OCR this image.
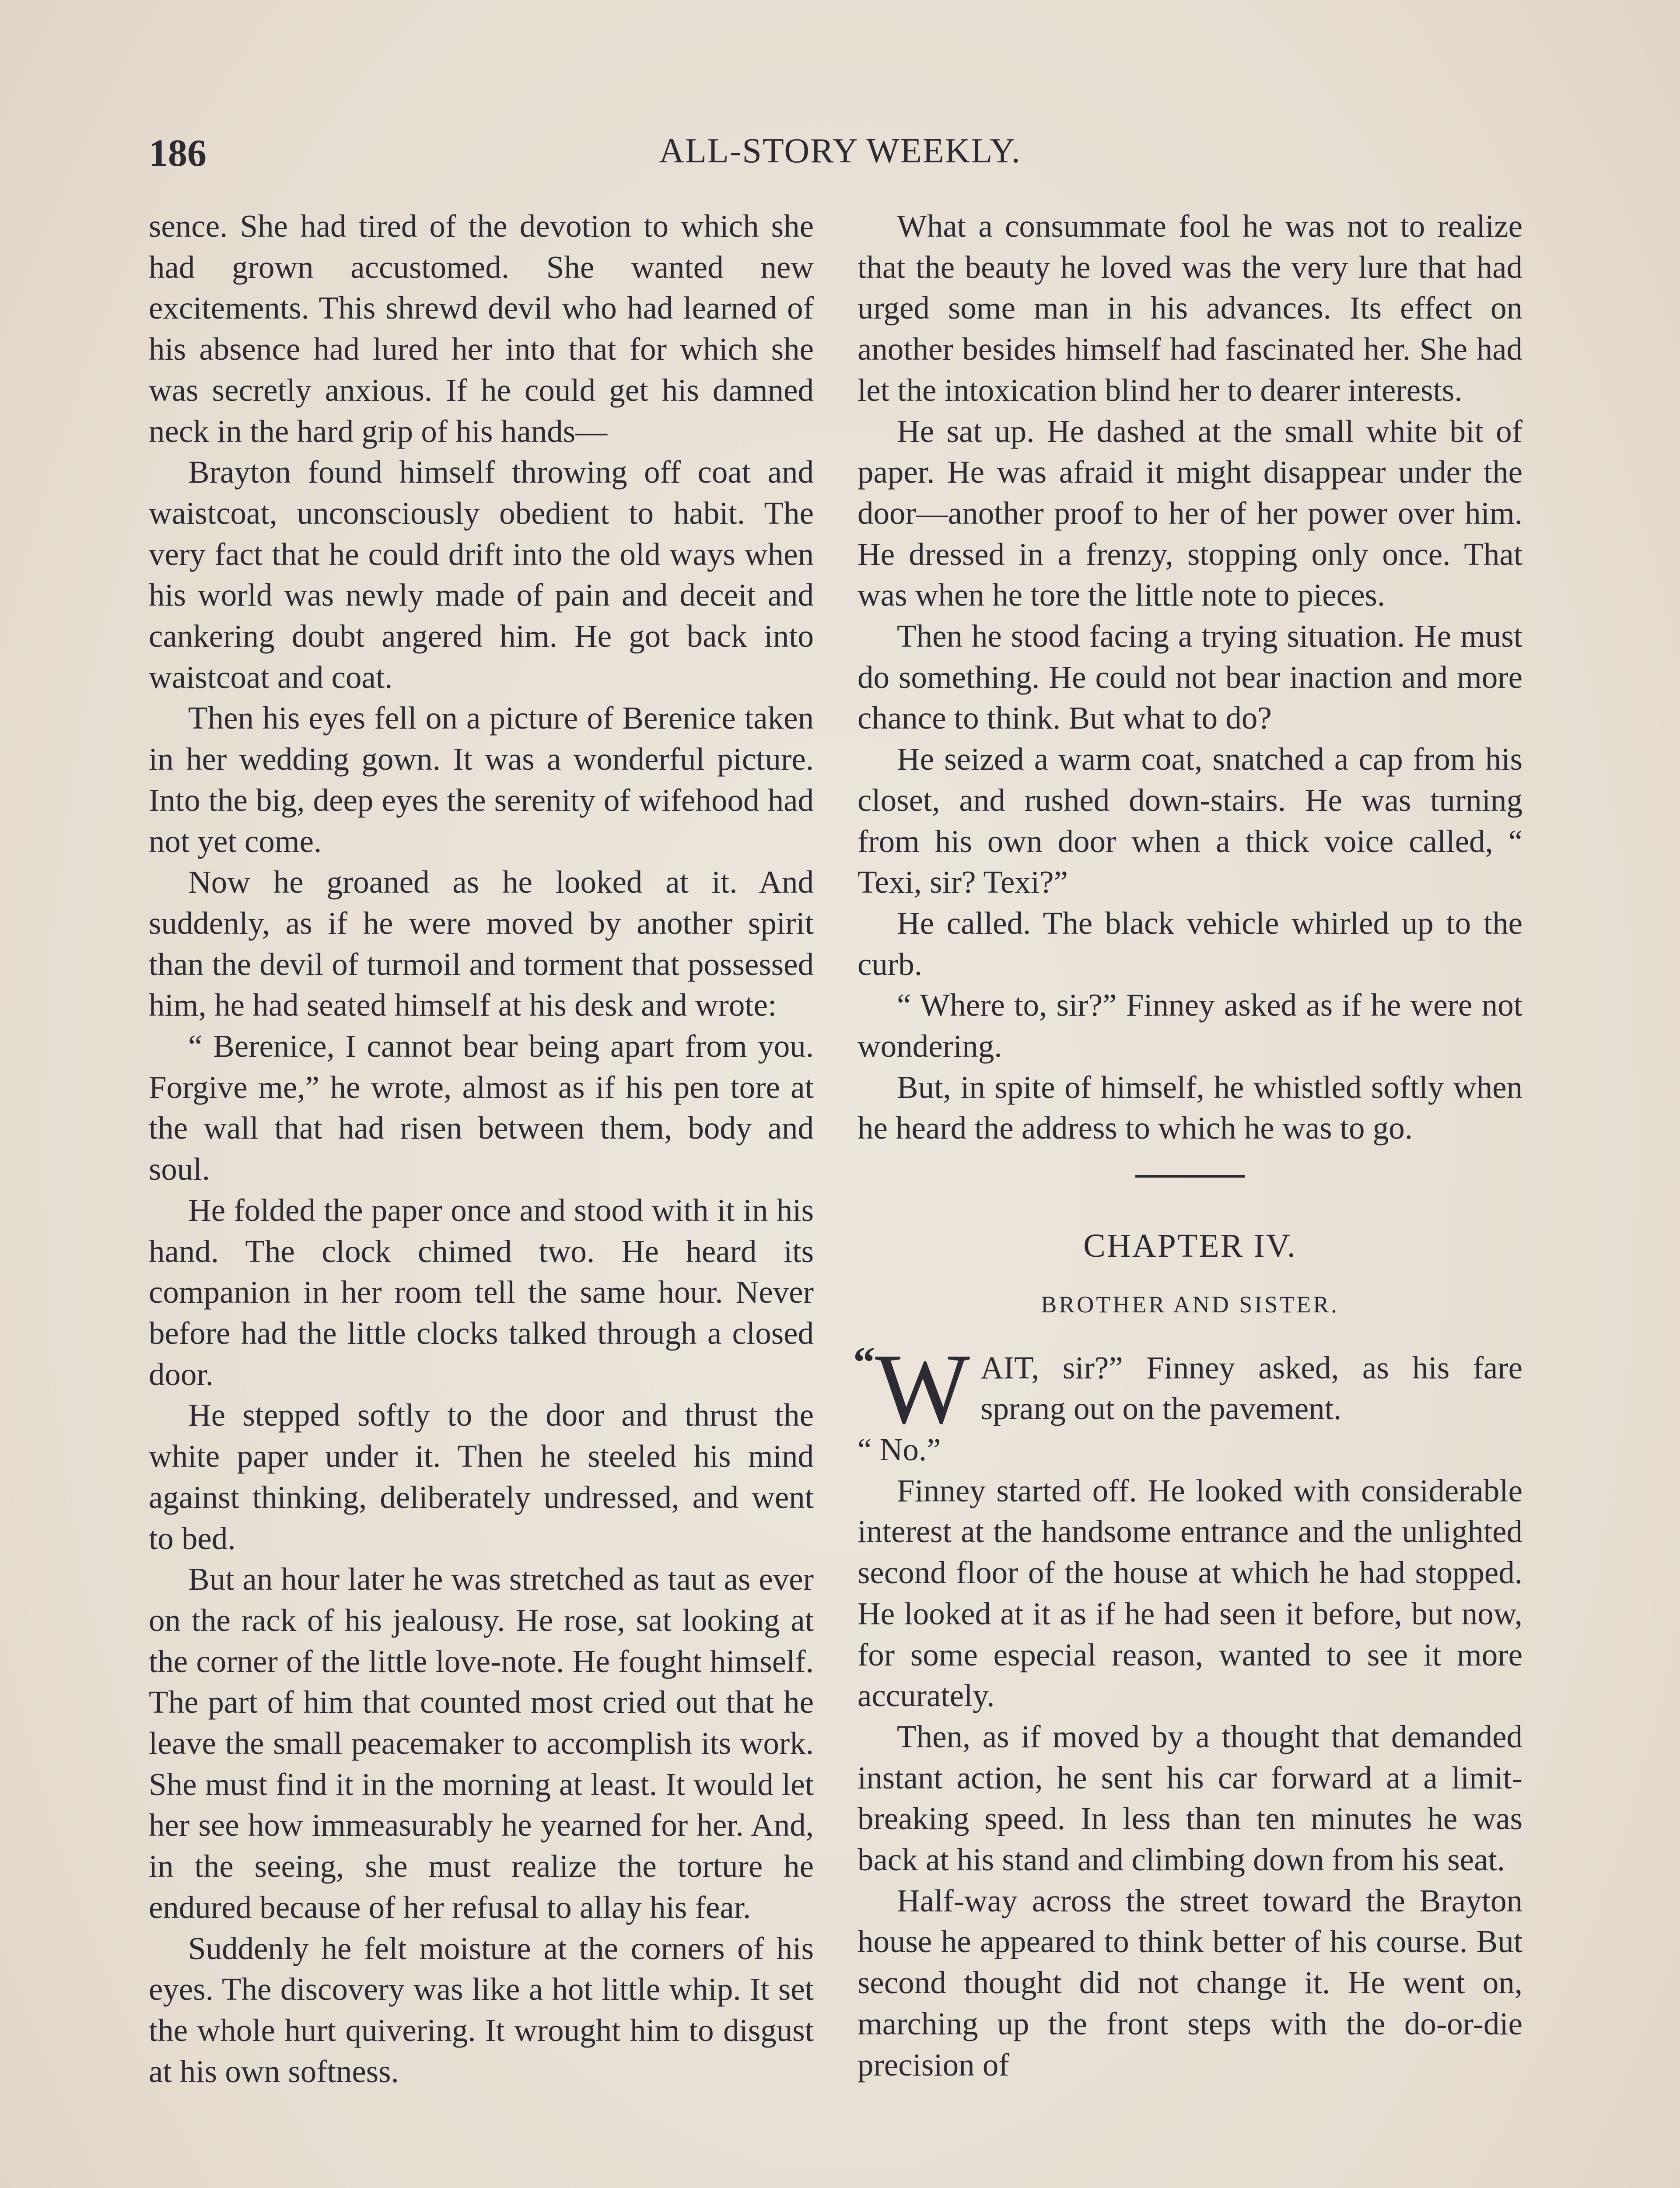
186	ALL-STORY WEEKLY.

sence. She had tired of the devotion to which she had grown accustomed. She wanted new excitements. This shrewd devil who had learned of his absence had lured her into that for which she was secretly anxious. If he could get his damned neck in the hard grip of his hands—

Brayton found himself throwing off coat and waistcoat, unconsciously obedient to habit. The very fact that he could drift into the old ways when his world was newly made of pain and deceit and cankering doubt angered him. He got back into waistcoat and coat.

Then his eyes fell on a picture of Berenice taken in her wedding gown. It was a wonderful picture. Into the big, deep eyes the serenity of wifehood had not yet come.

Now he groaned as he looked at it. And suddenly, as if he were moved by another spirit than the devil of turmoil and torment that possessed him, he had seated himself at his desk and wrote:

“ Berenice, I cannot bear being apart from you. Forgive me,” he wrote, almost as if his pen tore at the wall that had risen between them, body and soul.

He folded the paper once and stood with it in his hand. The clock chimed two. He heard its companion in her room tell the same hour. Never before had the little clocks talked through a closed door.

He stepped softly to the door and thrust the white paper under it. Then he steeled his mind against thinking, deliberately undressed, and went to bed.

But an hour later he was stretched as taut as ever on the rack of his jealousy. He rose, sat looking at the corner of the little love-note. He fought himself. The part of him that counted most cried out that he leave the small peacemaker to accomplish its work. She must find it in the morning at least. It would let her see how immeasurably he yearned for her. And, in the seeing, she must realize the torture he endured because of her refusal to allay his fear.

Suddenly he felt moisture at the corners of his eyes. The discovery was like a hot little whip. It set the whole hurt quivering. It wrought him to disgust at his own softness.

What a consummate fool he was not to realize that the beauty he loved was the very lure that had urged some man in his advances. Its effect on another besides himself had fascinated her. She had let the intoxication blind her to dearer interests.

He sat up. He dashed at the small white bit of paper. He was afraid it might disappear under the door—another proof to her of her power over him. He dressed in a frenzy, stopping only once. That was when he tore the little note to pieces.

Then he stood facing a trying situation. He must do something. He could not bear inaction and more chance to think. But what to do?

He seized a warm coat, snatched a cap from his closet, and rushed down-stairs. He was turning from his own door when a thick voice called, “ Texi, sir? Texi?”

He called. The black vehicle whirled up to the curb.

“ Where to, sir?” Finney asked as if he were not wondering.

But, in spite of himself, he whistled softly when he heard the address to which he was to go.

CHAPTER IV.
BROTHER AND SISTER.
“ W AIT, sir?” Finney asked, as his fare sprang out on the pavement.

“ No.”

Finney started off. He looked with considerable interest at the handsome entrance and the unlighted second floor of the house at which he had stopped. He looked at it as if he had seen it before, but now, for some especial reason, wanted to see it more accurately.

Then, as if moved by a thought that demanded instant action, he sent his car forward at a limit-breaking speed. In less than ten minutes he was back at his stand and climbing down from his seat.

Half-way across the street toward the Brayton house he appeared to think better of his course. But second thought did not change it. He went on, marching up the front steps with the do-or-die precision of
